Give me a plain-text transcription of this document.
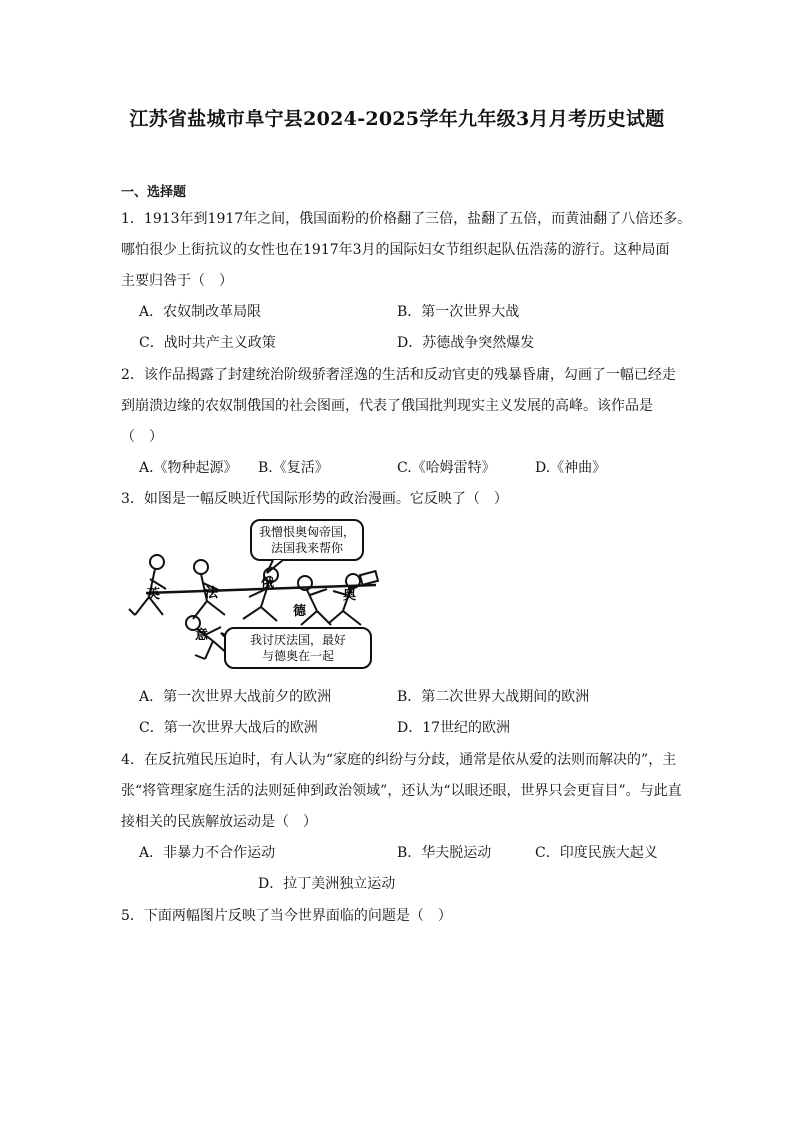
江苏省盐城市阜宁县2024-2025学年九年级3月月考历史试题
一、选择题
1．1913年到1917年之间，俄国面粉的价格翻了三倍，盐翻了五倍，而黄油翻了八倍还多。
哪怕很少上街抗议的女性也在1917年3月的国际妇女节组织起队伍浩荡的游行。这种局面
主要归咎于（　）
A．农奴制改革局限	B．第一次世界大战
C．战时共产主义政策	D．苏德战争突然爆发
2．该作品揭露了封建统治阶级骄奢淫逸的生活和反动官吏的残暴昏庸，勾画了一幅已经走
到崩溃边缘的农奴制俄国的社会图画，代表了俄国批判现实主义发展的高峰。该作品是
（　）
A.《物种起源》 B.《复活》	C.《哈姆雷特》	D.《神曲》
3．如图是一幅反映近代国际形势的政治漫画。它反映了（　）
我憎恨奥匈帝国，
法国我来帮你
英	法
俄
德
奥
意	我讨厌法国，最好
与德奥在一起
A．第一次世界大战前夕的欧洲	B．第二次世界大战期间的欧洲
C．第一次世界大战后的欧洲	D．17世纪的欧洲
4．在反抗殖民压迫时，有人认为“家庭的纠纷与分歧，通常是依从爱的法则而解决的”，主
张“将管理家庭生活的法则延伸到政治领域”，还认为“以眼还眼，世界只会更盲目”。与此直
接相关的民族解放运动是（　）
A．非暴力不合作运动	B．华夫脱运动	C．印度民族大起义
D．拉丁美洲独立运动
5．下面两幅图片反映了当今世界面临的问题是（　）
